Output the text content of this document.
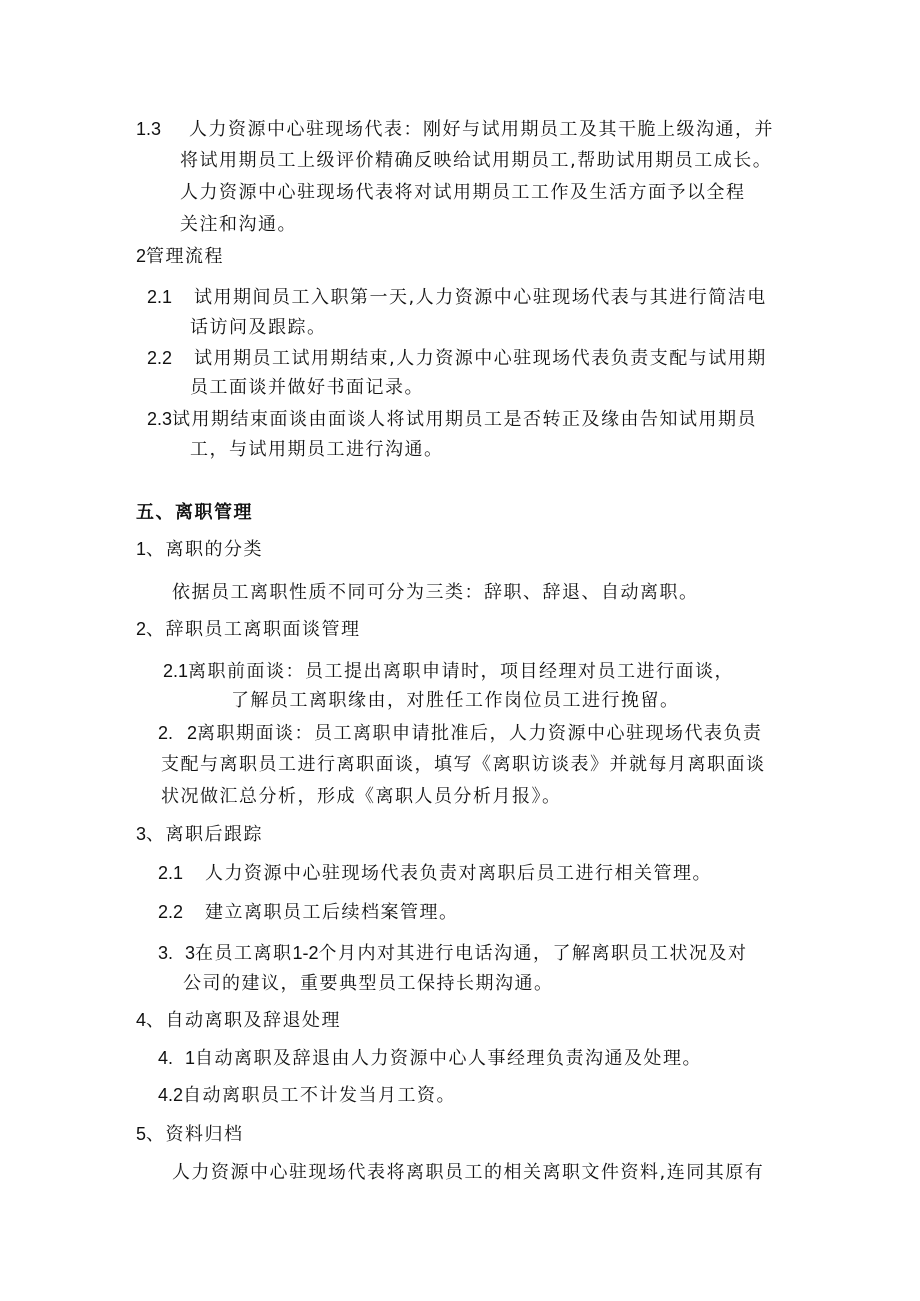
1.3 人力资源中心驻现场代表：刚好与试用期员工及其干脆上级沟通，并
将试用期员工上级评价精确反映给试用期员工,帮助试用期员工成长。
人力资源中心驻现场代表将对试用期员工工作及生活方面予以全程
关注和沟通。
2管理流程
2.1 试用期间员工入职第一天,人力资源中心驻现场代表与其进行简洁电
话访问及跟踪。
2.2 试用期员工试用期结束,人力资源中心驻现场代表负责支配与试用期
员工面谈并做好书面记录。
2.3试用期结束面谈由面谈人将试用期员工是否转正及缘由告知试用期员
工，与试用期员工进行沟通。
五、离职管理
1、离职的分类
依据员工离职性质不同可分为三类：辞职、辞退、自动离职。
2、辞职员工离职面谈管理
2.1离职前面谈：员工提出离职申请时，项目经理对员工进行面谈，
了解员工离职缘由，对胜任工作岗位员工进行挽留。
2. 2离职期面谈：员工离职申请批准后，人力资源中心驻现场代表负责
支配与离职员工进行离职面谈，填写《离职访谈表》并就每月离职面谈
状况做汇总分析，形成《离职人员分析月报》。
3、离职后跟踪
2.1 人力资源中心驻现场代表负责对离职后员工进行相关管理。
2.2 建立离职员工后续档案管理。
3. 3在员工离职1-2个月内对其进行电话沟通，了解离职员工状况及对
公司的建议，重要典型员工保持长期沟通。
4、自动离职及辞退处理
4. 1自动离职及辞退由人力资源中心人事经理负责沟通及处理。
4.2自动离职员工不计发当月工资。
5、资料归档
人力资源中心驻现场代表将离职员工的相关离职文件资料,连同其原有
